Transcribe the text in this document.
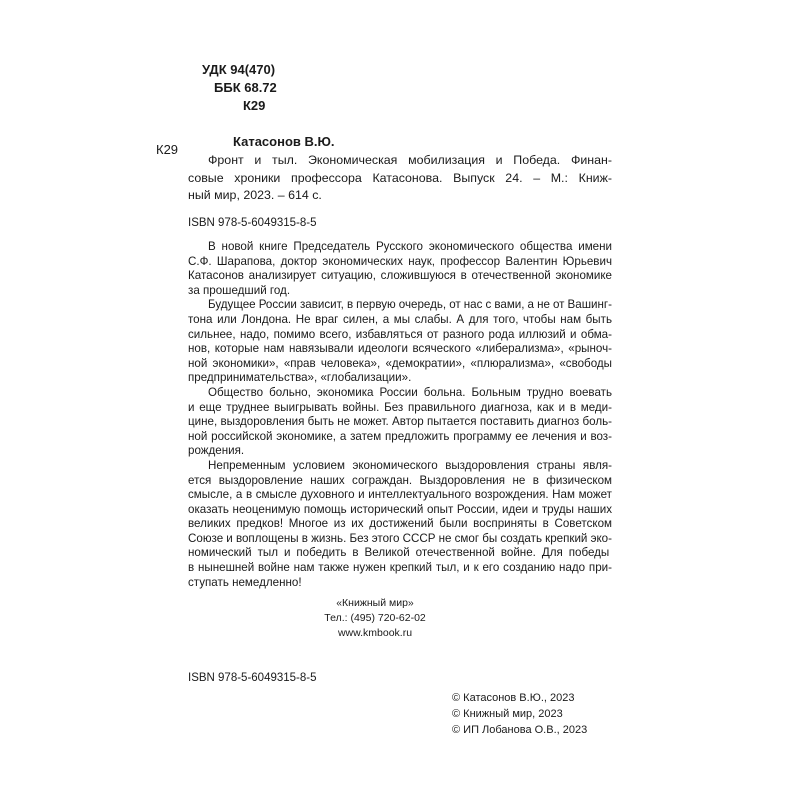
УДК 94(470)
ББК 68.72
К29
К29
Катасонов В.Ю.
Фронт и тыл. Экономическая мобилизация и Победа. Финан-
совые хроники профессора Катасонова. Выпуск 24. – М.: Книж-
ный мир, 2023. – 614 с.
ISBN 978-5-6049315-8-5
В новой книге Председатель Русского экономического общества имени
С.Ф. Шарапова, доктор экономических наук, профессор Валентин Юрьевич
Катасонов анализирует ситуацию, сложившуюся в отечественной экономике
за прошедший год.
Будущее России зависит, в первую очередь, от нас с вами, а не от Вашинг-
тона или Лондона. Не враг силен, а мы слабы. А для того, чтобы нам быть
сильнее, надо, помимо всего, избавляться от разного рода иллюзий и обма-
нов, которые нам навязывали идеологи всяческого «либерализма», «рыноч-
ной экономики», «прав человека», «демократии», «плюрализма», «свободы
предпринимательства», «глобализации».
Общество больно, экономика России больна. Больным трудно воевать
и еще труднее выигрывать войны. Без правильного диагноза, как и в меди-
цине, выздоровления быть не может. Автор пытается поставить диагноз боль-
ной российской экономике, а затем предложить программу ее лечения и воз-
рождения.
Непременным условием экономического выздоровления страны явля-
ется выздоровление наших сограждан. Выздоровления не в физическом
смысле, а в смысле духовного и интеллектуального возрождения. Нам может
оказать неоценимую помощь исторический опыт России, идеи и труды наших
великих предков! Многое из их достижений были восприняты в Советском
Союзе и воплощены в жизнь. Без этого СССР не смог бы создать крепкий эко-
номический тыл и победить в Великой отечественной войне. Для победы
в нынешней войне нам также нужен крепкий тыл, и к его созданию надо при-
ступать немедленно!
«Книжный мир»
Тел.: (495) 720-62-02
www.kmbook.ru
ISBN 978-5-6049315-8-5
© Катасонов В.Ю., 2023
© Книжный мир, 2023
© ИП Лобанова О.В., 2023
